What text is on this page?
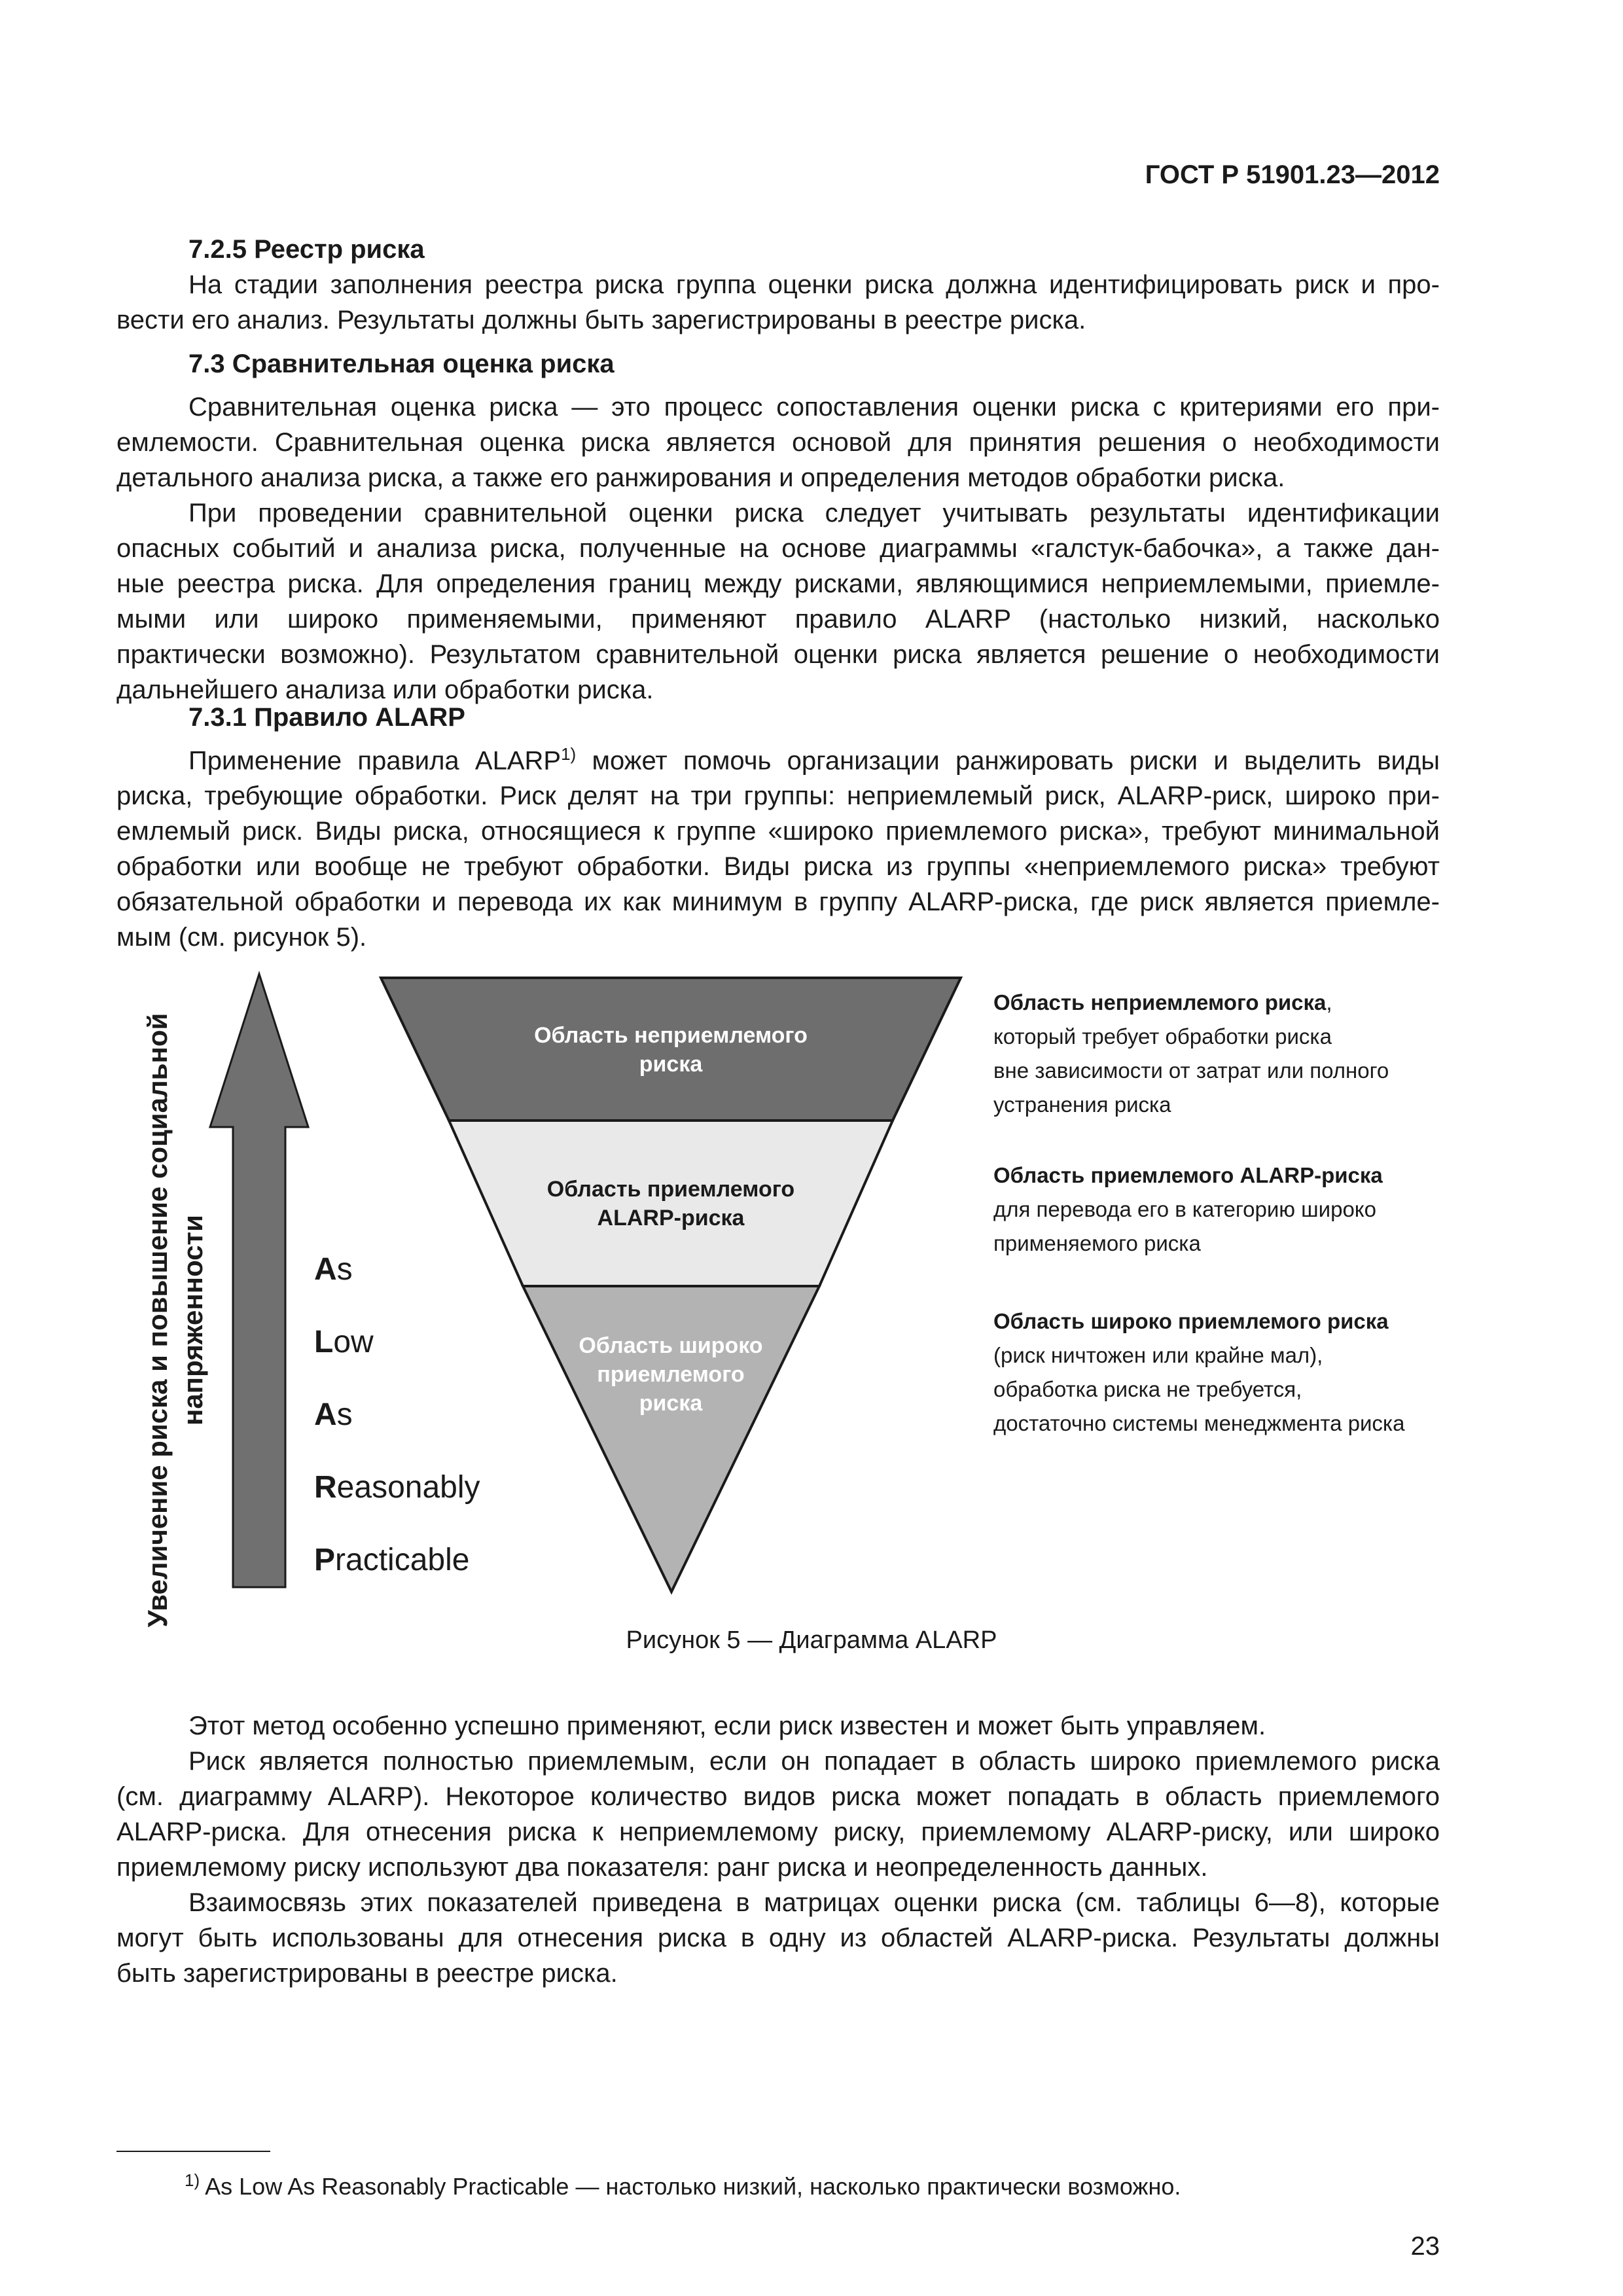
ГОСТ Р 51901.23—2012
7.2.5 Реестр риска
На стадии заполнения реестра риска группа оценки риска должна идентифицировать риск и про-
вести его анализ. Результаты должны быть зарегистрированы в реестре риска.
7.3 Сравнительная оценка риска
Сравнительная оценка риска — это процесс сопоставления оценки риска с критериями его при-
емлемости. Сравнительная оценка риска является основой для принятия решения о необходимости
детального анализа риска, а также его ранжирования и определения методов обработки риска.
При проведении сравнительной оценки риска следует учитывать результаты идентификации
опасных событий и анализа риска, полученные на основе диаграммы «галстук-бабочка», а также дан-
ные реестра риска. Для определения границ между рисками, являющимися неприемлемыми, приемле-
мыми или широко применяемыми, применяют правило ALARP (настолько низкий, насколько
практически возможно). Результатом сравнительной оценки риска является решение о необходимости
дальнейшего анализа или обработки риска.
7.3.1 Правило ALARP
Применение правила ALARP$^{1)}$ может помочь организации ранжировать риски и выделить виды
риска, требующие обработки. Риск делят на три группы: неприемлемый риск, ALARP-риск, широко при-
емлемый риск. Виды риска, относящиеся к группе «широко приемлемого риска», требуют минимальной
обработки или вообще не требуют обработки. Виды риска из группы «неприемлемого риска» требуют
обязательной обработки и перевода их как минимум в группу ALARP-риска, где риск является приемле-
мым (см. рисунок 5).
Увеличение риска и повышение социальной напряженности
Область неприемлемого
риска
Область приемлемого
ALARP-риска
Область широко
приемлемого
риска
As
Low
As
Reasonably
Practicable
Область неприемлемого риска,
который требует обработки риска
вне зависимости от затрат или полного
устранения риска
Область приемлемого ALARP-риска
для перевода его в категорию широко
применяемого риска
Область широко приемлемого риска
(риск ничтожен или крайне мал),
обработка риска не требуется,
достаточно системы менеджмента риска
Рисунок 5 — Диаграмма ALARP
Этот метод особенно успешно применяют, если риск известен и может быть управляем.
Риск является полностью приемлемым, если он попадает в область широко приемлемого риска
(см. диаграмму ALARP). Некоторое количество видов риска может попадать в область приемлемого
ALARP-риска. Для отнесения риска к неприемлемому риску, приемлемому ALARP-риску, или широко
приемлемому риску используют два показателя: ранг риска и неопределенность данных.
Взаимосвязь этих показателей приведена в матрицах оценки риска (см. таблицы 6—8), которые
могут быть использованы для отнесения риска в одну из областей ALARP-риска. Результаты должны
быть зарегистрированы в реестре риска.
$^{1)}$ As Low As Reasonably Practicable — настолько низкий, насколько практически возможно.
23
